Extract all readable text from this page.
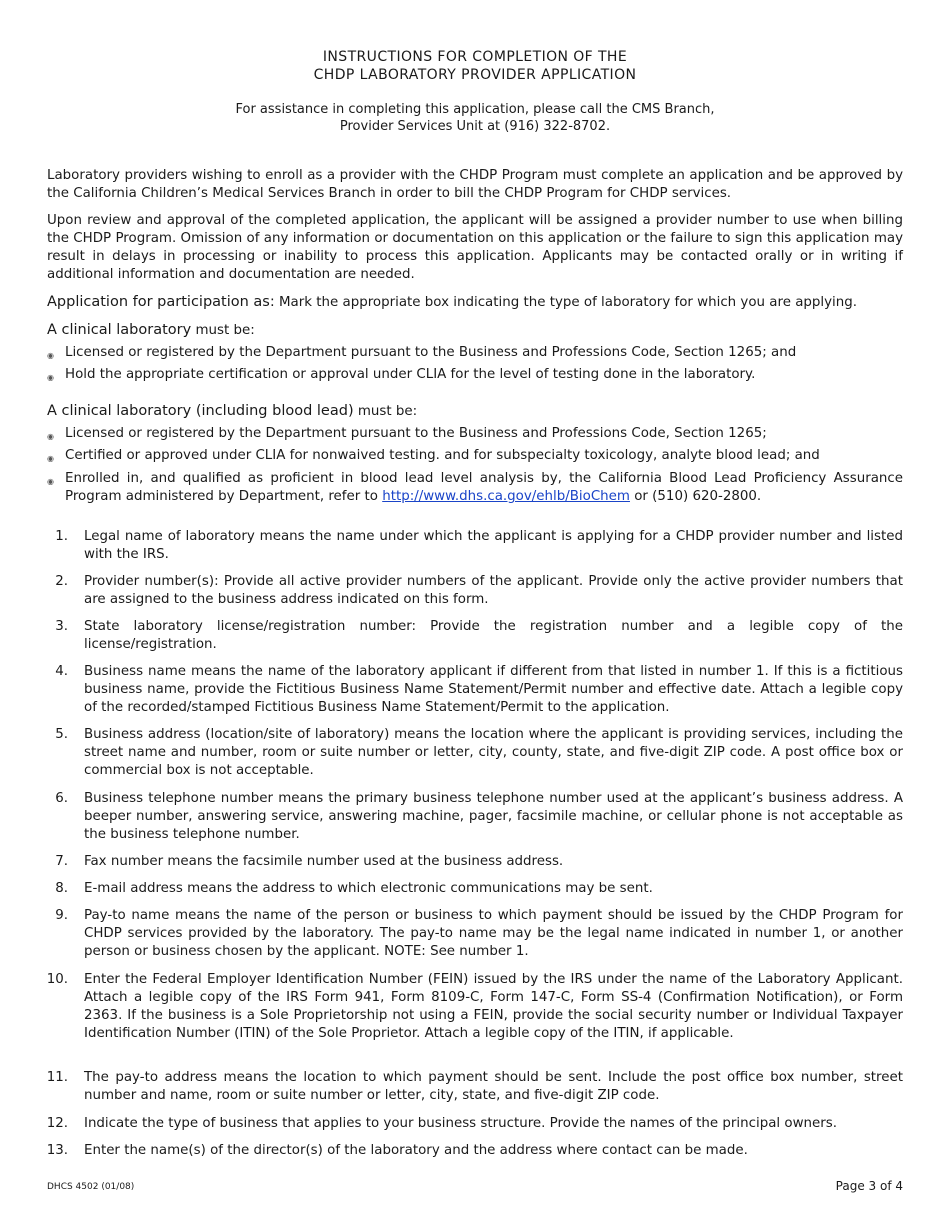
INSTRUCTIONS FOR COMPLETION OF THE
CHDP LABORATORY PROVIDER APPLICATION
For assistance in completing this application, please call the CMS Branch,
Provider Services Unit at (916) 322-8702.
Laboratory providers wishing to enroll as a provider with the CHDP Program must complete an application and be approved by the California Children’s Medical Services Branch in order to bill the CHDP Program for CHDP services.
Upon review and approval of the completed application, the applicant will be assigned a provider number to use when billing the CHDP Program. Omission of any information or documentation on this application or the failure to sign this application may result in delays in processing or inability to process this application. Applicants may be contacted orally or in writing if additional information and documentation are needed.
Application for participation as: Mark the appropriate box indicating the type of laboratory for which you are applying.
A clinical laboratory must be:
◉ Licensed or registered by the Department pursuant to the Business and Professions Code, Section 1265; and
◉ Hold the appropriate certification or approval under CLIA for the level of testing done in the laboratory.
A clinical laboratory (including blood lead) must be:
◉ Licensed or registered by the Department pursuant to the Business and Professions Code, Section 1265;
◉ Certified or approved under CLIA for nonwaived testing. and for subspecialty toxicology, analyte blood lead; and
◉ Enrolled in, and qualified as proficient in blood lead level analysis by, the California Blood Lead Proficiency Assurance Program administered by Department, refer to http://www.dhs.ca.gov/ehlb/BioChem or (510) 620-2800.
1. Legal name of laboratory means the name under which the applicant is applying for a CHDP provider number and listed with the IRS.
2. Provider number(s): Provide all active provider numbers of the applicant. Provide only the active provider numbers that are assigned to the business address indicated on this form.
3. State laboratory license/registration number: Provide the registration number and a legible copy of the license/registration.
4. Business name means the name of the laboratory applicant if different from that listed in number 1. If this is a fictitious business name, provide the Fictitious Business Name Statement/Permit number and effective date. Attach a legible copy of the recorded/stamped Fictitious Business Name Statement/Permit to the application.
5. Business address (location/site of laboratory) means the location where the applicant is providing services, including the street name and number, room or suite number or letter, city, county, state, and five-digit ZIP code. A post office box or commercial box is not acceptable.
6. Business telephone number means the primary business telephone number used at the applicant’s business address. A beeper number, answering service, answering machine, pager, facsimile machine, or cellular phone is not acceptable as the business telephone number.
7. Fax number means the facsimile number used at the business address.
8. E-mail address means the address to which electronic communications may be sent.
9. Pay-to name means the name of the person or business to which payment should be issued by the CHDP Program for CHDP services provided by the laboratory. The pay-to name may be the legal name indicated in number 1, or another person or business chosen by the applicant. NOTE: See number 1.
10. Enter the Federal Employer Identification Number (FEIN) issued by the IRS under the name of the Laboratory Applicant. Attach a legible copy of the IRS Form 941, Form 8109-C, Form 147-C, Form SS-4 (Confirmation Notification), or Form 2363. If the business is a Sole Proprietorship not using a FEIN, provide the social security number or Individual Taxpayer Identification Number (ITIN) of the Sole Proprietor. Attach a legible copy of the ITIN, if applicable.
11. The pay-to address means the location to which payment should be sent. Include the post office box number, street number and name, room or suite number or letter, city, state, and five-digit ZIP code.
12. Indicate the type of business that applies to your business structure. Provide the names of the principal owners.
13. Enter the name(s) of the director(s) of the laboratory and the address where contact can be made.
DHCS 4502 (01/08)	Page 3 of 4
